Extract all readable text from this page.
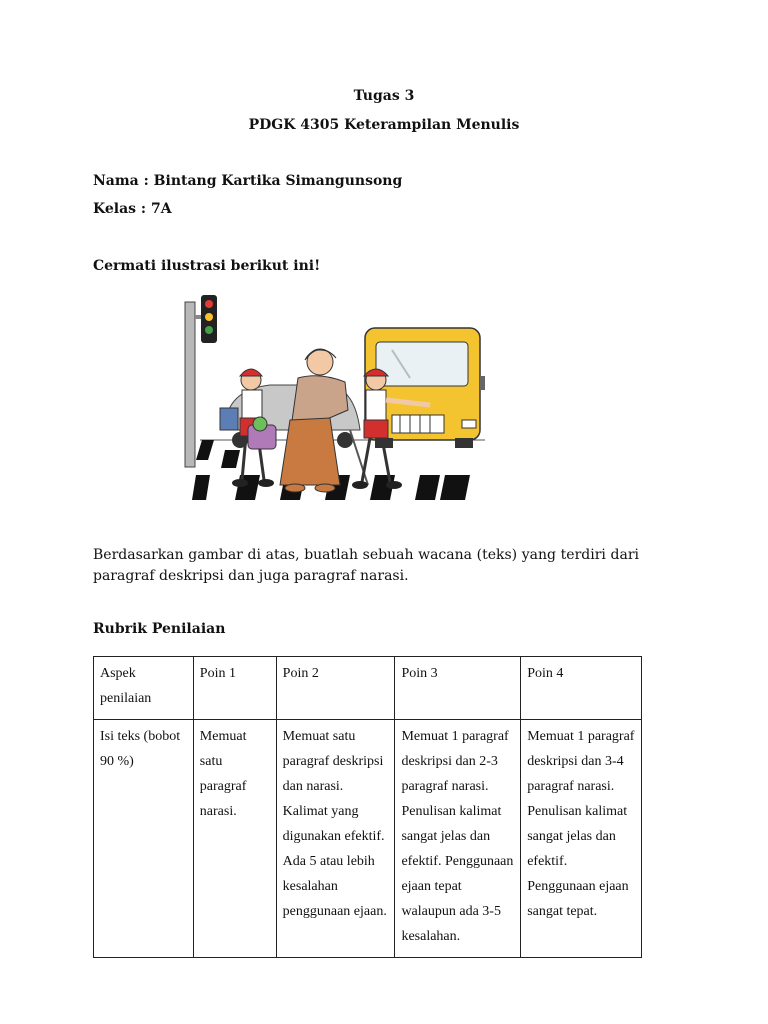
Tugas 3
PDGK 4305 Keterampilan Menulis
Nama : Bintang Kartika Simangunsong
Kelas : 7A
Cermati ilustrasi berikut ini!
Berdasarkan gambar di atas, buatlah sebuah wacana (teks) yang terdiri dari paragraf deskripsi dan juga paragraf narasi.
Rubrik Penilaian
Aspek penilaian	Poin 1	Poin 2	Poin 3	Poin 4
Isi teks (bobot 90 %)	Memuat satu paragraf narasi.	Memuat satu paragraf deskripsi dan narasi. Kalimat yang digunakan efektif. Ada 5 atau lebih kesalahan penggunaan ejaan.	Memuat 1 paragraf deskripsi dan 2-3 paragraf narasi. Penulisan kalimat sangat jelas dan efektif. Penggunaan ejaan tepat walaupun ada 3-5 kesalahan.	Memuat 1 paragraf deskripsi dan 3-4 paragraf narasi. Penulisan kalimat sangat jelas dan efektif. Penggunaan ejaan sangat tepat.
